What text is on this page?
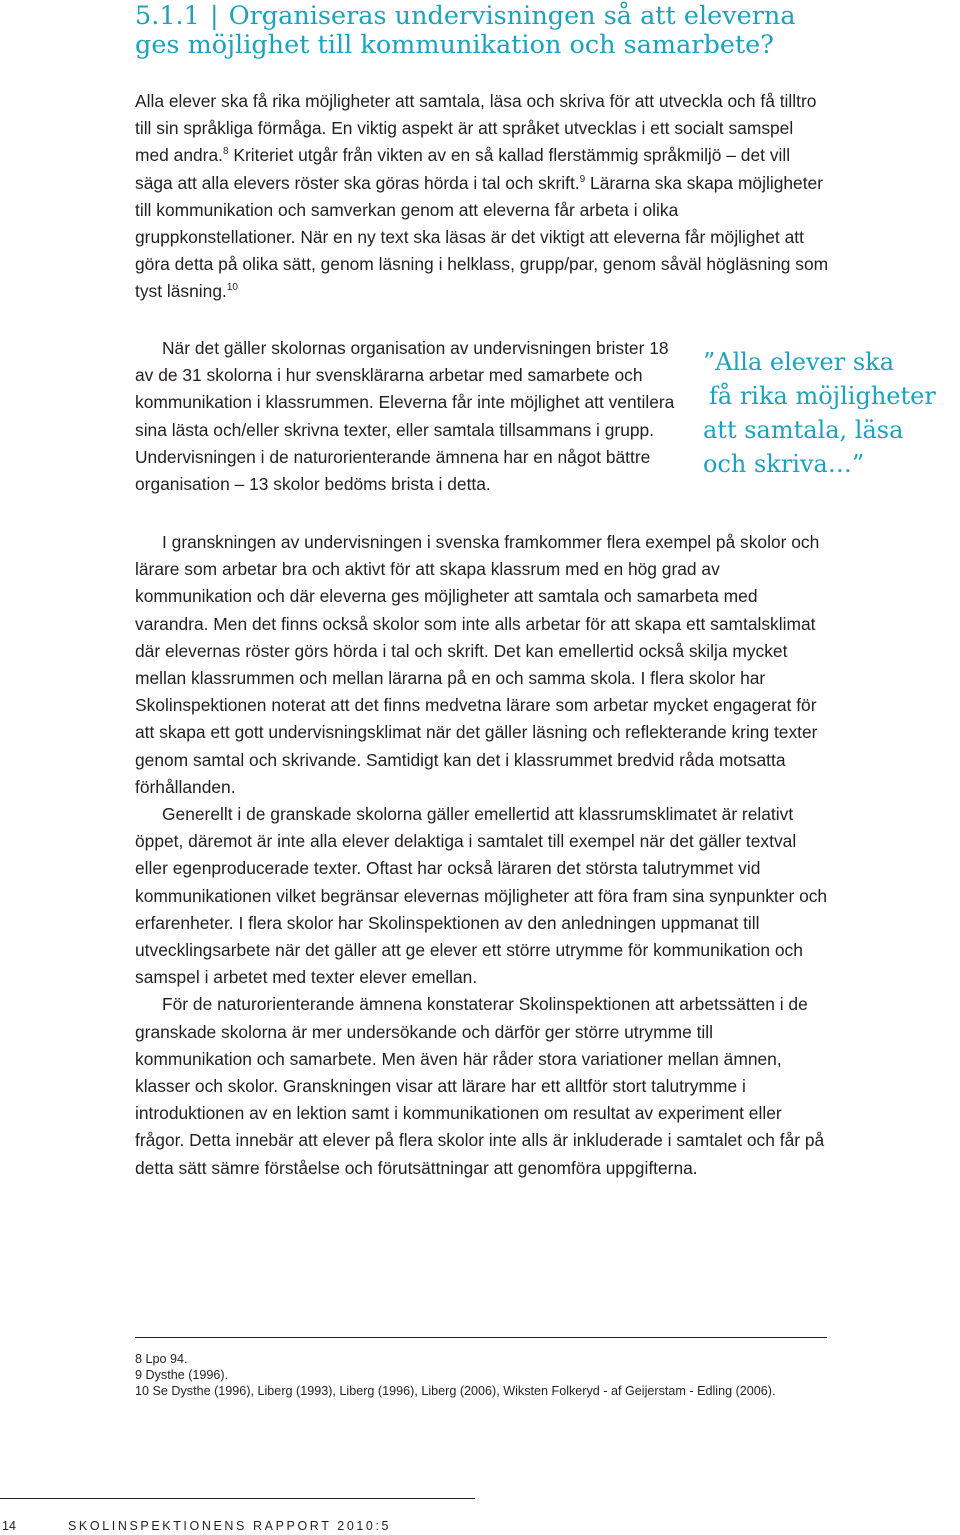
5.1.1 | Organiseras undervisningen så att eleverna
ges möjlighet till kommunikation och samarbete?

Alla elever ska få rika möjligheter att samtala, läsa och skriva för att utveckla och få tilltro till sin språkliga förmåga. En viktig aspekt är att språket utvecklas i ett socialt samspel med andra.$^8$ Kriteriet utgår från vikten av en så kallad flerstämmig språkmiljö – det vill säga att alla elevers röster ska göras hörda i tal och skrift.$^9$ Lärarna ska skapa möjligheter till kommunikation och samverkan genom att eleverna får arbeta i olika gruppkonstellationer. När en ny text ska läsas är det viktigt att eleverna får möjlighet att göra detta på olika sätt, genom läsning i helklass, grupp/par, genom såväl högläsning som tyst läsning.$^{10}$

När det gäller skolornas organisation av undervisningen brister 18 av de 31 skolorna i hur svensklärarna arbetar med samarbete och kommunikation i klassrummen. Eleverna får inte möjlighet att ventilera sina lästa och/eller skrivna texter, eller samtala tillsammans i grupp. Undervisningen i de naturorienterande ämnena har en något bättre organisation – 13 skolor bedöms brista i detta.

”Alla elever ska
få rika möjligheter
att samtala, läsa
och skriva…”

I granskningen av undervisningen i svenska framkommer flera exempel på skolor och lärare som arbetar bra och aktivt för att skapa klassrum med en hög grad av kommunikation och där eleverna ges möjligheter att samtala och samarbeta med varandra. Men det finns också skolor som inte alls arbetar för att skapa ett samtalsklimat där elevernas röster görs hörda i tal och skrift. Det kan emellertid också skilja mycket mellan klassrummen och mellan lärarna på en och samma skola. I flera skolor har Skolinspektionen noterat att det finns medvetna lärare som arbetar mycket engagerat för att skapa ett gott undervisningsklimat när det gäller läsning och reflekterande kring texter genom samtal och skrivande. Samtidigt kan det i klassrummet bredvid råda motsatta förhållanden.

Generellt i de granskade skolorna gäller emellertid att klassrumsklimatet är relativt öppet, däremot är inte alla elever delaktiga i samtalet till exempel när det gäller textval eller egenproducerade texter. Oftast har också läraren det största talutrymmet vid kommunikationen vilket begränsar elevernas möjligheter att föra fram sina synpunkter och erfarenheter. I flera skolor har Skolinspektionen av den anledningen uppmanat till utvecklingsarbete när det gäller att ge elever ett större utrymme för kommunikation och samspel i arbetet med texter elever emellan.

För de naturorienterande ämnena konstaterar Skolinspektionen att arbetssätten i de granskade skolorna är mer undersökande och därför ger större utrymme till kommunikation och samarbete. Men även här råder stora variationer mellan ämnen, klasser och skolor. Granskningen visar att lärare har ett alltför stort talutrymme i introduktionen av en lektion samt i kommunikationen om resultat av experiment eller frågor. Detta innebär att elever på flera skolor inte alls är inkluderade i samtalet och får på detta sätt sämre förståelse och förutsättningar att genomföra uppgifterna.

8 Lpo 94.
9 Dysthe (1996).
10 Se Dysthe (1996), Liberg (1993), Liberg (1996), Liberg (2006), Wiksten Folkeryd - af Geijerstam - Edling (2006).
14	SKOLINSPEKTIONENS RAPPORT 2010:5
